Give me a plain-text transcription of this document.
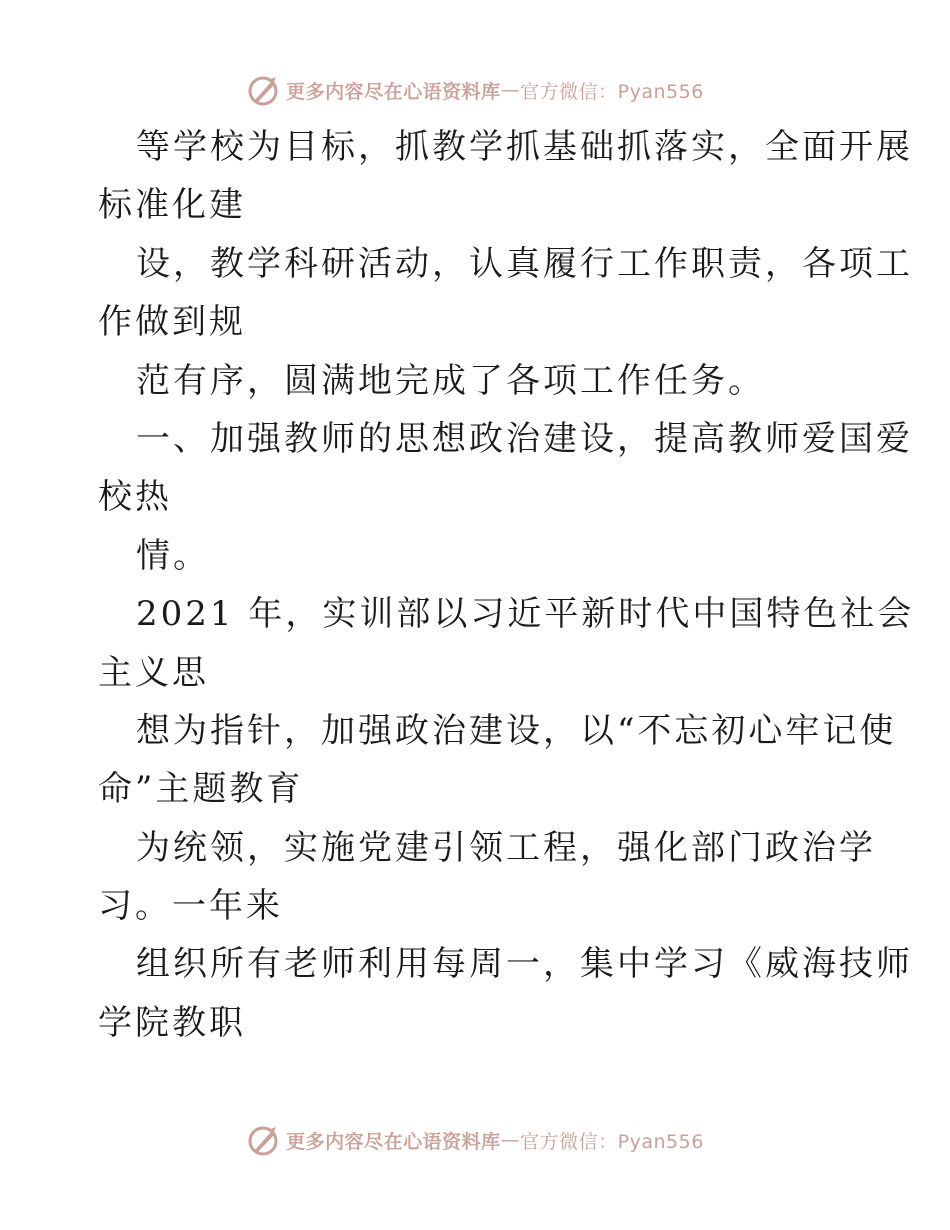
更多内容尽在心语资料库 — 官方微信：Pyan556
等学校为目标，抓教学抓基础抓落实，全面开展
标准化建
设，教学科研活动，认真履行工作职责，各项工
作做到规
范有序，圆满地完成了各项工作任务。
一、加强教师的思想政治建设，提高教师爱国爱
校热
情。
2021 年，实训部以习近平新时代中国特色社会
主义思
想为指针，加强政治建设，以“不忘初心牢记使
命”主题教育
为统领，实施党建引领工程，强化部门政治学
习。一年来
组织所有老师利用每周一，集中学习《威海技师
学院教职
更多内容尽在心语资料库 — 官方微信：Pyan556
